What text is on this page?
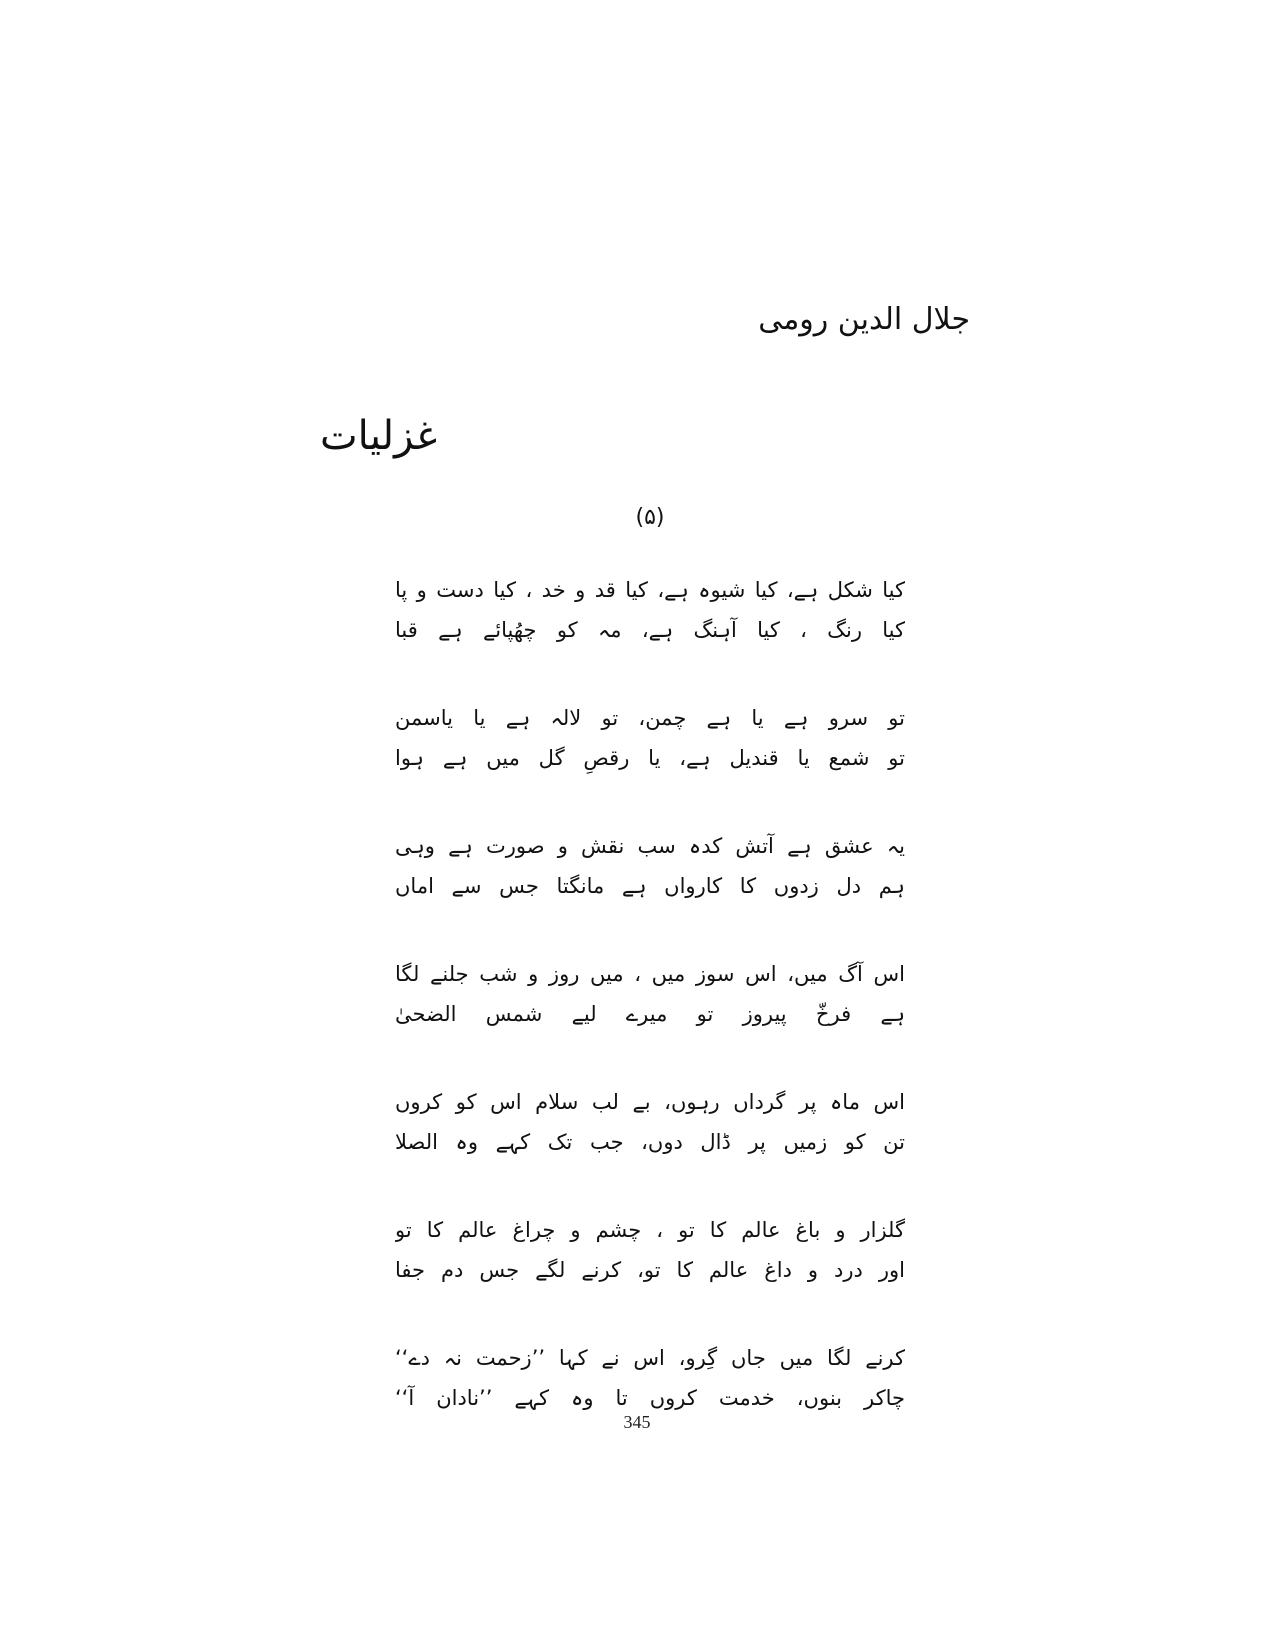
جلال الدین رومی
غزلیات
(۵)
کیا شکل ہے، کیا شیوہ ہے، کیا قد و خد ، کیا دست و پا
کیا رنگ ، کیا آہنگ ہے، مہ کو چھُپائے ہے قبا
تو سرو ہے یا ہے چمن، تو لالہ ہے یا یاسمن
تو شمع یا قندیل ہے، یا رقصِ گل میں ہے ہوا
یہ عشق ہے آتش کدہ سب نقش و صورت ہے وہی
ہم دل زدوں کا کارواں ہے مانگتا جس سے اماں
اس آگ میں، اس سوز میں ، میں روز و شب جلنے لگا
ہے فرخّ پیروز تو میرے لیے شمس الضحیٰ
اس ماہ پر گرداں رہوں، بے لب سلام اس کو کروں
تن کو زمیں پر ڈال دوں، جب تک کہے وہ الصلا
گلزار و باغ عالم کا تو ، چشم و چراغ عالم کا تو
اور درد و داغ عالم کا تو، کرنے لگے جس دم جفا
کرنے لگا میں جاں گِرو، اس نے کہا ’’زحمت نہ دے‘‘
چاکر بنوں، خدمت کروں تا وہ کہے ’’نادان آ‘‘
345
